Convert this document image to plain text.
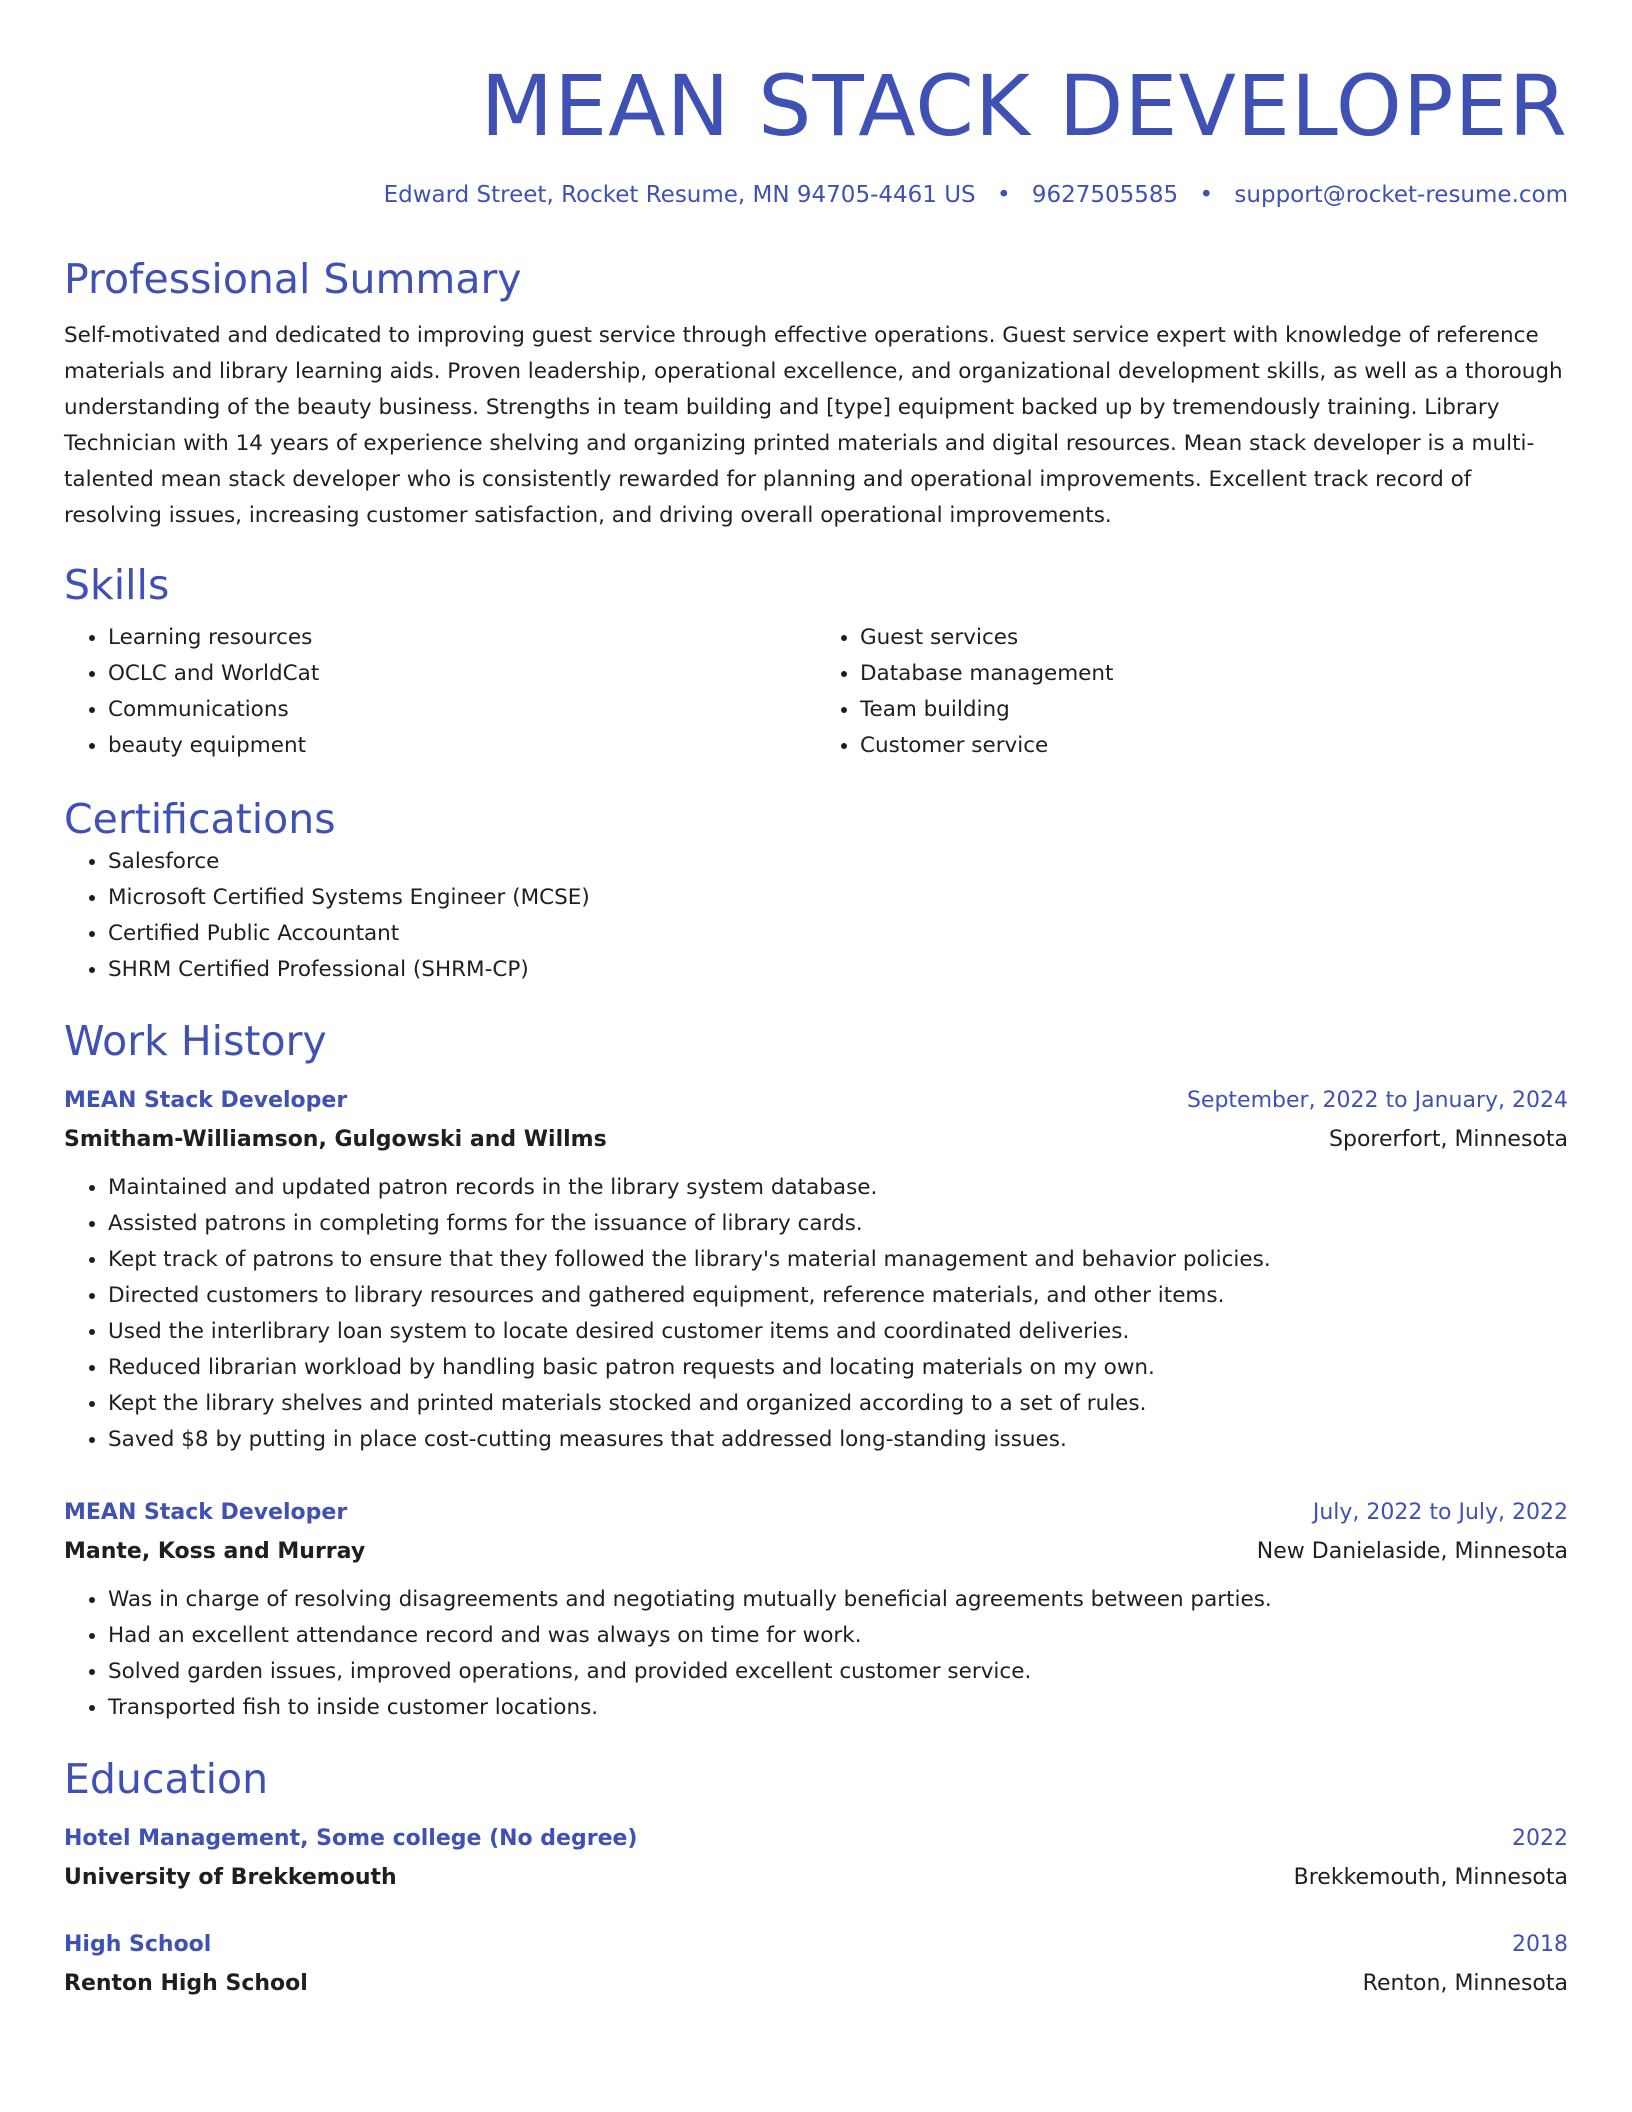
MEAN STACK DEVELOPER
Edward Street, Rocket Resume, MN 94705-4461 US • 9627505585 • support@rocket-resume.com
Professional Summary

Self-motivated and dedicated to improving guest service through effective operations. Guest service expert with knowledge of reference materials and library learning aids. Proven leadership, operational excellence, and organizational development skills, as well as a thorough understanding of the beauty business. Strengths in team building and [type] equipment backed up by tremendously training. Library Technician with 14 years of experience shelving and organizing printed materials and digital resources. Mean stack developer is a multi-talented mean stack developer who is consistently rewarded for planning and operational improvements. Excellent track record of resolving issues, increasing customer satisfaction, and driving overall operational improvements.

Skills
• Learning resources
• OCLC and WorldCat
• Communications
• beauty equipment
• Guest services
• Database management
• Team building
• Customer service
Certifications
• Salesforce
• Microsoft Certified Systems Engineer (MCSE)
• Certified Public Accountant
• SHRM Certified Professional (SHRM-CP)
Work History
MEAN Stack Developer	September, 2022 to January, 2024
Smitham-Williamson, Gulgowski and Willms	Sporerfort, Minnesota
• Maintained and updated patron records in the library system database.
• Assisted patrons in completing forms for the issuance of library cards.
• Kept track of patrons to ensure that they followed the library's material management and behavior policies.
• Directed customers to library resources and gathered equipment, reference materials, and other items.
• Used the interlibrary loan system to locate desired customer items and coordinated deliveries.
• Reduced librarian workload by handling basic patron requests and locating materials on my own.
• Kept the library shelves and printed materials stocked and organized according to a set of rules.
• Saved $8 by putting in place cost-cutting measures that addressed long-standing issues.
MEAN Stack Developer	July, 2022 to July, 2022
Mante, Koss and Murray	New Danielaside, Minnesota
• Was in charge of resolving disagreements and negotiating mutually beneficial agreements between parties.
• Had an excellent attendance record and was always on time for work.
• Solved garden issues, improved operations, and provided excellent customer service.
• Transported fish to inside customer locations.
Education
Hotel Management, Some college (No degree)	2022
University of Brekkemouth	Brekkemouth, Minnesota
High School	2018
Renton High School	Renton, Minnesota
